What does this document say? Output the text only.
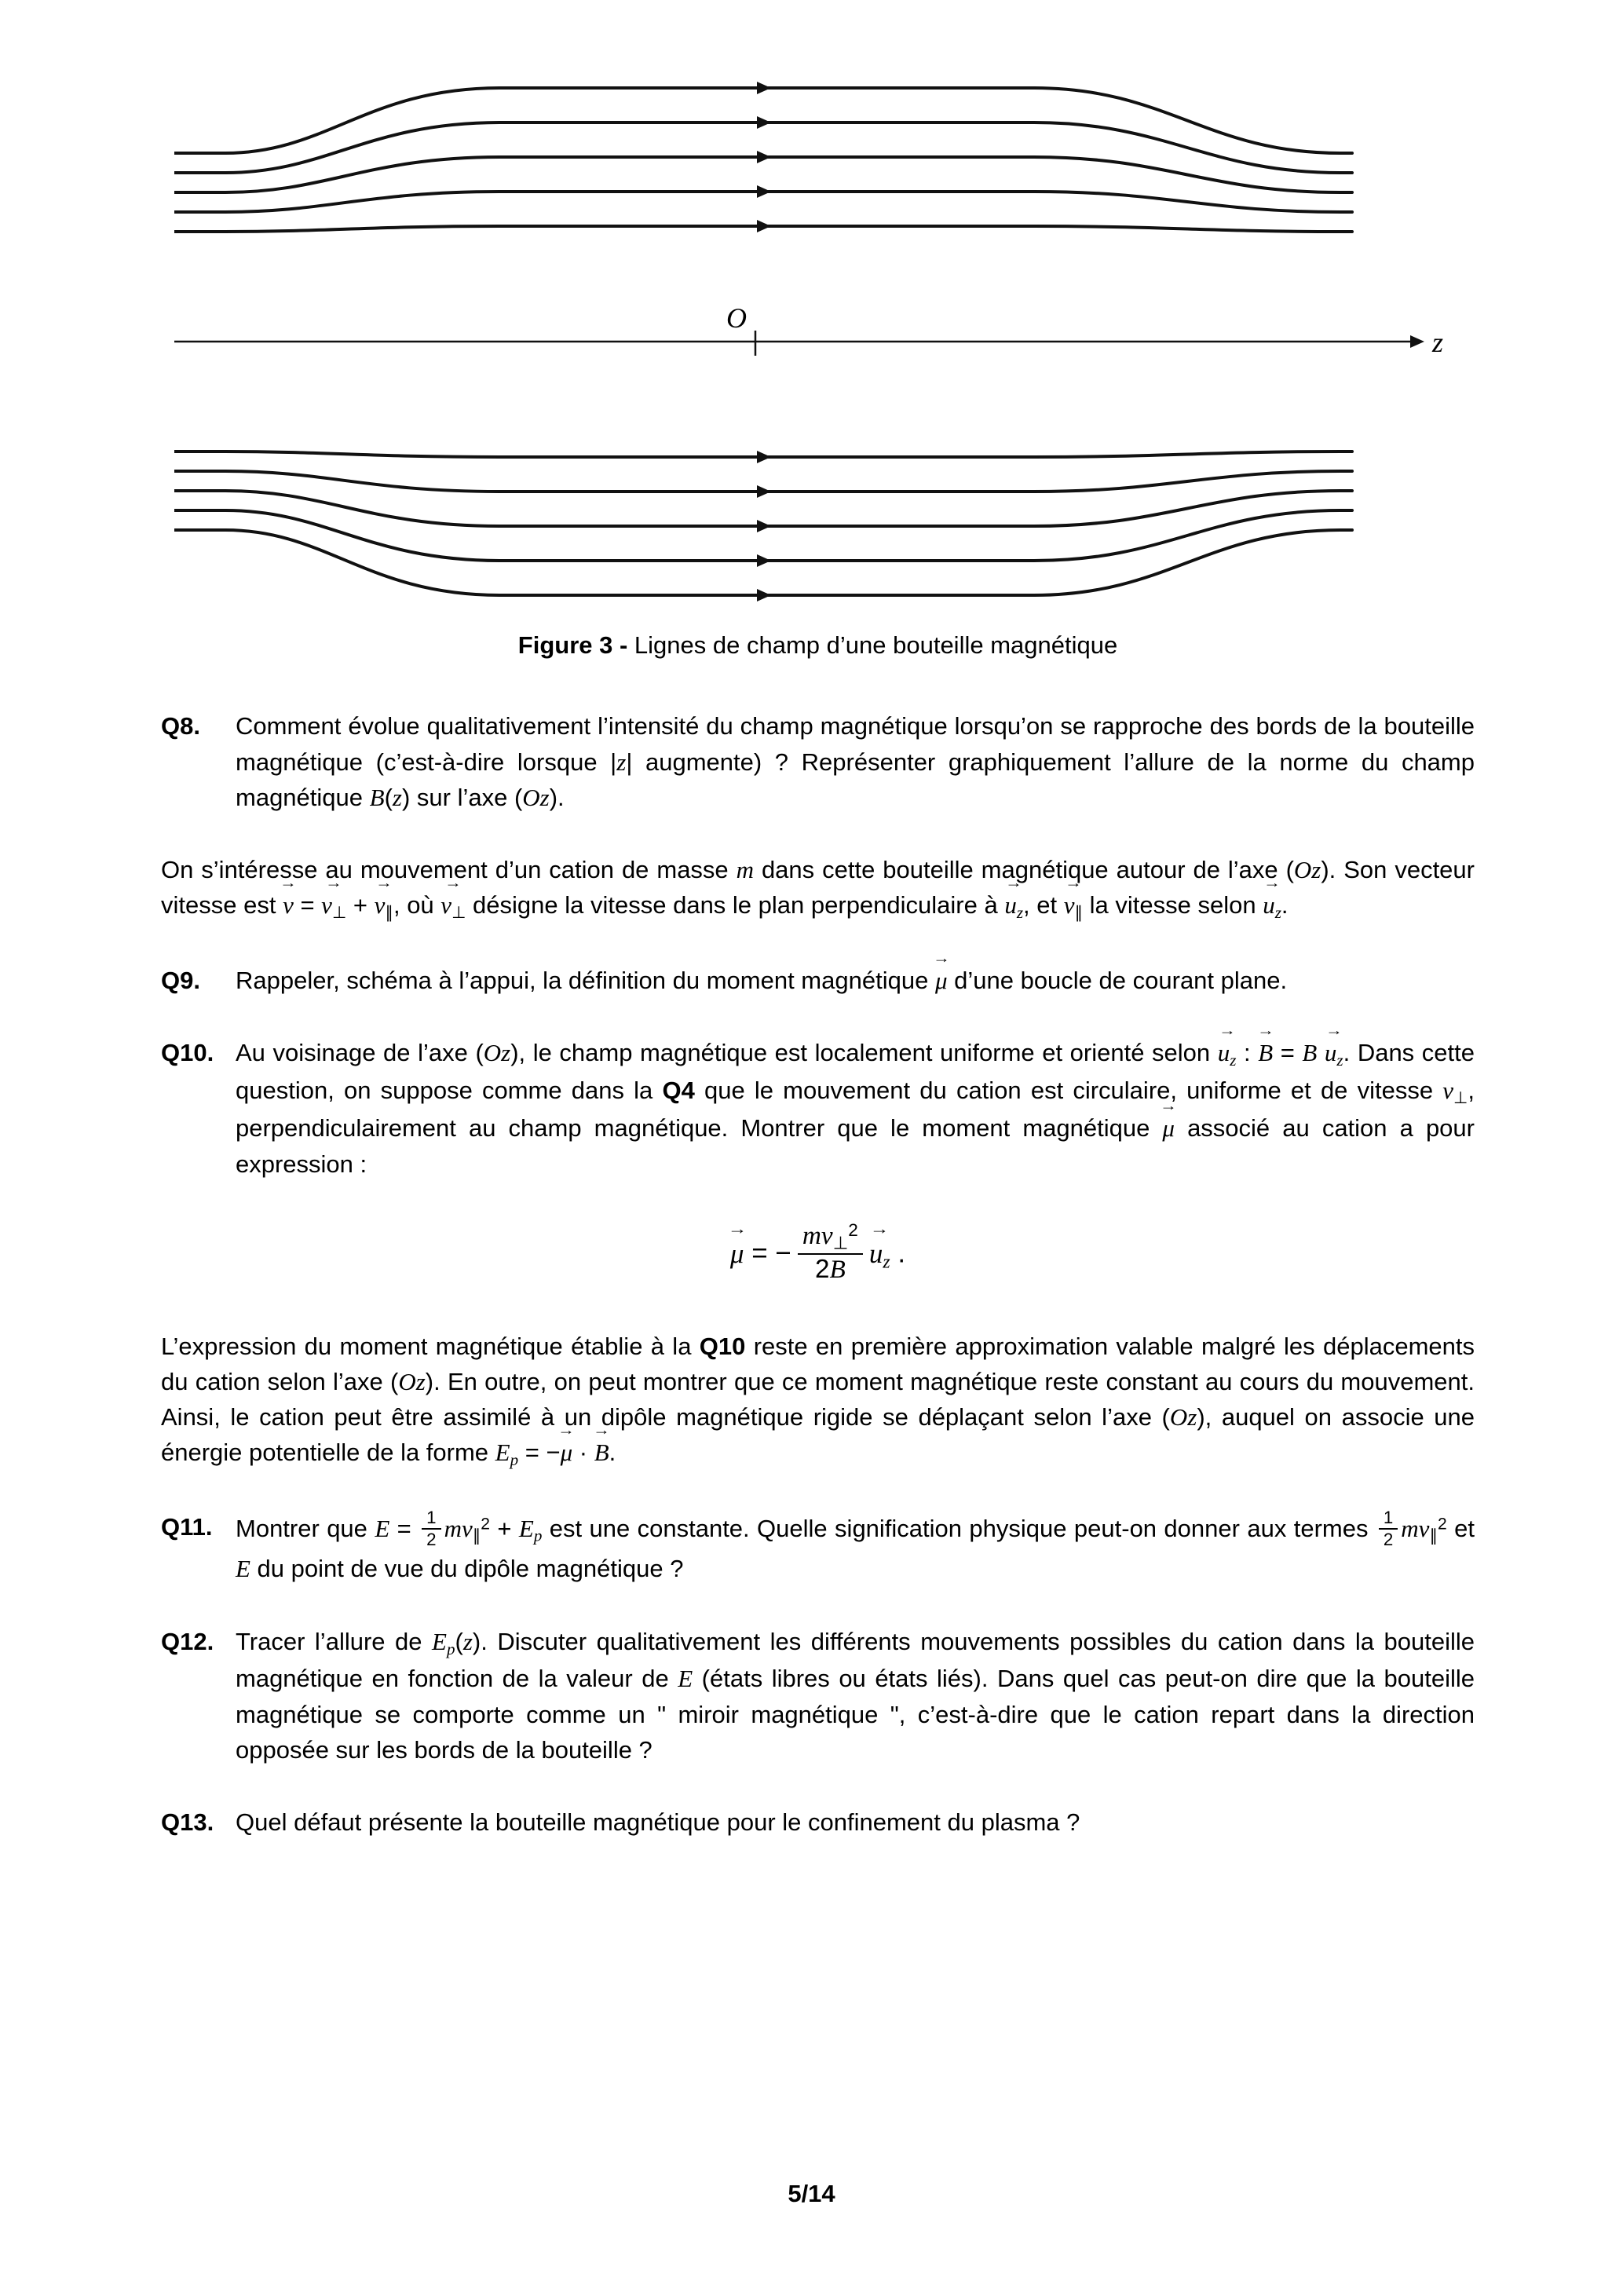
O
z
Figure 3 - Lignes de champ d’une bouteille magnétique
Q8.	Comment évolue qualitativement l’intensité du champ magnétique lorsqu’on se rapproche des bords de la bouteille magnétique (c’est-à-dire lorsque |z| augmente) ? Représenter graphiquement l’allure de la norme du champ magnétique B(z) sur l’axe (Oz).

On s’intéresse au mouvement d’un cation de masse m dans cette bouteille magnétique autour de l’axe (Oz). Son vecteur vitesse est v → = $v_\perp$ → + $v_\parallel$ →, où $v_\perp$ → désigne la vitesse dans le plan perpendiculaire à $u_z$ →, et $v_\parallel$ → la vitesse selon $u_z$ →.

Q9.	Rappeler, schéma à l’appui, la définition du moment magnétique μ → d’une boucle de courant plane.
Q10. Au voisinage de l’axe (Oz), le champ magnétique est localement uniforme et orienté selon $u_z$ → : B → = B $u_z$ →. Dans cette question, on suppose comme dans la Q4 que le mouvement du cation est circulaire, uniforme et de vitesse $v_\perp$, perpendiculairement au champ magnétique. Montrer que le moment magnétique μ → associé au cation a pour expression :
μ → = − $\frac{mv_\perp^2}{2B} u_z$ → .

L’expression du moment magnétique établie à la Q10 reste en première approximation valable malgré les déplacements du cation selon l’axe (Oz). En outre, on peut montrer que ce moment magnétique reste constant au cours du mouvement. Ainsi, le cation peut être assimilé à un dipôle magnétique rigide se déplaçant selon l’axe (Oz), auquel on associe une énergie potentielle de la forme $E_p = -\mu$ → · B →.

Q11. Montrer que $E = \frac{1}{2} mv_\parallel^2 + E_p$ est une constante. Quelle signification physique peut-on donner aux termes $\frac{1}{2} mv_\parallel^2$ et E du point de vue du dipôle magnétique ?
Q12. Tracer l’allure de $E_p(z)$. Discuter qualitativement les différents mouvements possibles du cation dans la bouteille magnétique en fonction de la valeur de E (états libres ou états liés). Dans quel cas peut-on dire que la bouteille magnétique se comporte comme un " miroir magnétique ", c’est-à-dire que le cation repart dans la direction opposée sur les bords de la bouteille ?
Q13. Quel défaut présente la bouteille magnétique pour le confinement du plasma ?
5/14
